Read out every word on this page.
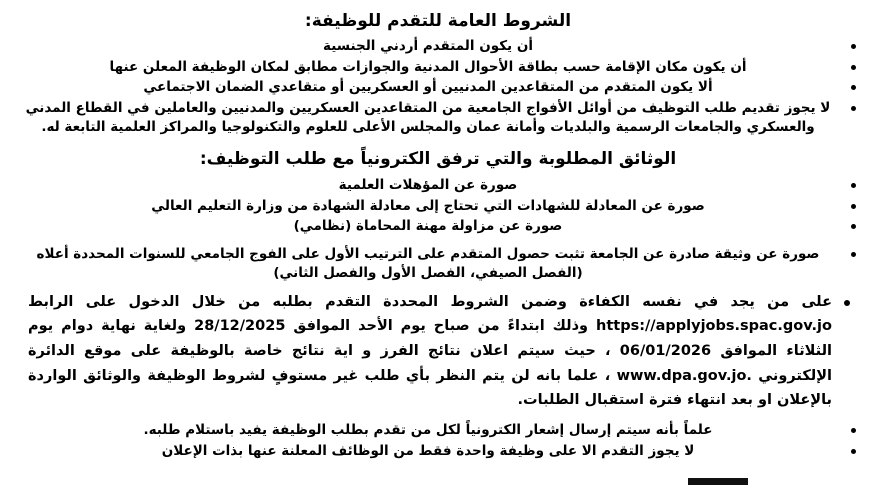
الشروط العامة للتقدم للوظيفة:
أن يكون المتقدم أردني الجنسية
أن يكون مكان الإقامة حسب بطاقة الأحوال المدنية والجوازات مطابق لمكان الوظيفة المعلن عنها
ألا يكون المتقدم من المتقاعدين المدنيين أو العسكريين أو متقاعدي الضمان الاجتماعي
لا يجوز تقديم طلب التوظيف من أوائل الأفواج الجامعية من المتقاعدين العسكريين والمدنيين والعاملين في القطاع المدني والعسكري والجامعات الرسمية والبلديات وأمانة عمان والمجلس الأعلى للعلوم والتكنولوجيا والمراكز العلمية التابعة له.
الوثائق المطلوبة والتي ترفق الكترونياً مع طلب التوظيف:
صورة عن المؤهلات العلمية
صورة عن المعادلة للشهادات التي تحتاج إلى معادلة الشهادة من وزارة التعليم العالي
صورة عن مزاولة مهنة المحاماة (نظامي)
صورة عن وثيقة صادرة عن الجامعة تثبت حصول المتقدم على الترتيب الأول على الفوج الجامعي للسنوات المحددة أعلاه (الفصل الصيفي، الفصل الأول والفصل الثاني)
على من يجد في نفسه الكفاءة وضمن الشروط المحددة التقدم بطلبه من خلال الدخول على الرابط https://applyjobs.spac.gov.jo وذلك ابتداءً من صباح يوم الأحد الموافق 28/12/2025 ولغاية نهاية دوام يوم الثلاثاء الموافق 06/01/2026 ، حيث سيتم اعلان نتائج الفرز و اية نتائج خاصة بالوظيفة على موقع الدائرة الإلكتروني www.dpa.gov.jo. ، علما بانه لن يتم النظر بأي طلب غير مستوفٍ لشروط الوظيفة والوثائق الواردة بالإعلان او بعد انتهاء فترة استقبال الطلبات.
علماً بأنه سيتم إرسال إشعار الكترونياً لكل من تقدم بطلب الوظيفة يفيد باستلام طلبه.
لا يجوز التقدم الا على وظيفة واحدة فقط من الوظائف المعلنة عنها بذات الإعلان
